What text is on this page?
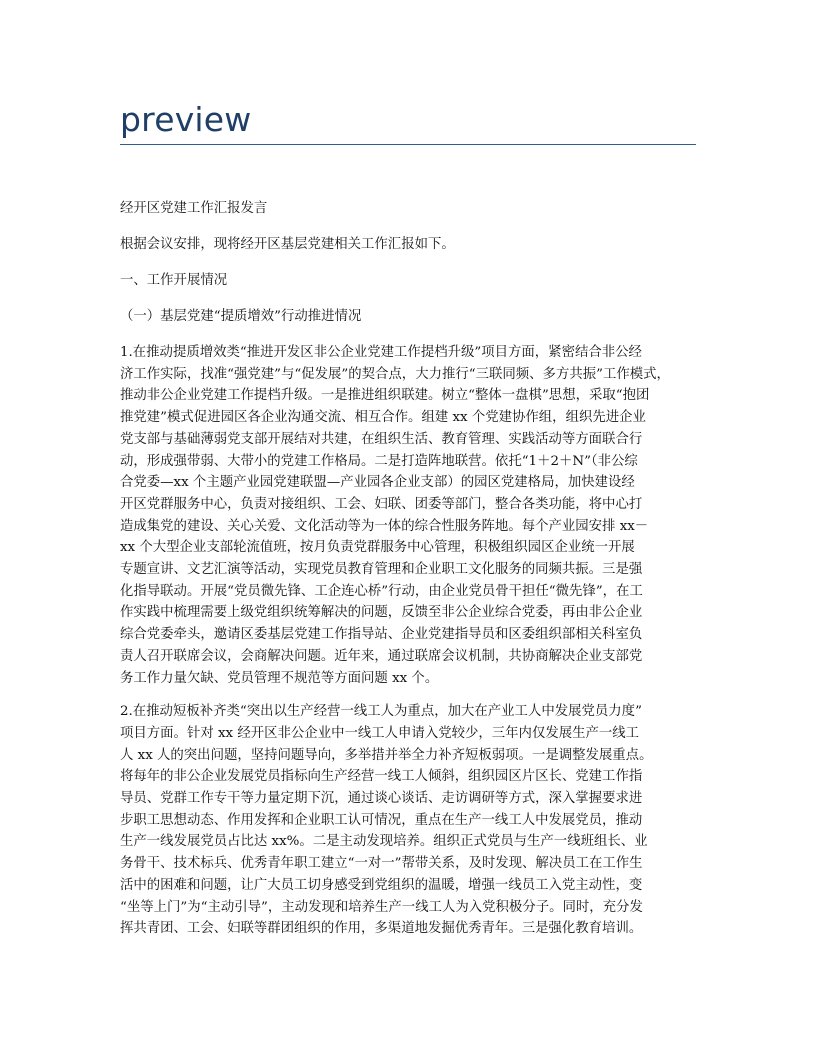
preview

经开区党建工作汇报发言

根据会议安排，现将经开区基层党建相关工作汇报如下。

一、工作开展情况

（一）基层党建“提质增效”行动推进情况

1.在推动提质增效类“推进开发区非公企业党建工作提档升级”项目方面，紧密结合非公经

济工作实际，找准“强党建”与“促发展”的契合点，大力推行“三联同频、多方共振”工作模式，

推动非公企业党建工作提档升级。一是推进组织联建。树立“整体一盘棋”思想，采取“抱团

推党建”模式促进园区各企业沟通交流、相互合作。组建 xx 个党建协作组，组织先进企业

党支部与基础薄弱党支部开展结对共建，在组织生活、教育管理、实践活动等方面联合行

动，形成强带弱、大带小的党建工作格局。二是打造阵地联营。依托“1＋2＋N”（非公综

合党委—xx 个主题产业园党建联盟—产业园各企业支部）的园区党建格局，加快建设经

开区党群服务中心，负责对接组织、工会、妇联、团委等部门，整合各类功能，将中心打

造成集党的建设、关心关爱、文化活动等为一体的综合性服务阵地。每个产业园安排 xx－

xx 个大型企业支部轮流值班，按月负责党群服务中心管理，积极组织园区企业统一开展

专题宣讲、文艺汇演等活动，实现党员教育管理和企业职工文化服务的同频共振。三是强

化指导联动。开展“党员微先锋、工企连心桥”行动，由企业党员骨干担任“微先锋”，在工

作实践中梳理需要上级党组织统筹解决的问题，反馈至非公企业综合党委，再由非公企业

综合党委牵头，邀请区委基层党建工作指导站、企业党建指导员和区委组织部相关科室负

责人召开联席会议，会商解决问题。近年来，通过联席会议机制，共协商解决企业支部党

务工作力量欠缺、党员管理不规范等方面问题 xx 个。

2.在推动短板补齐类“突出以生产经营一线工人为重点，加大在产业工人中发展党员力度”

项目方面。针对 xx 经开区非公企业中一线工人申请入党较少，三年内仅发展生产一线工

人 xx 人的突出问题，坚持问题导向，多举措并举全力补齐短板弱项。一是调整发展重点。

将每年的非公企业发展党员指标向生产经营一线工人倾斜，组织园区片区长、党建工作指

导员、党群工作专干等力量定期下沉，通过谈心谈话、走访调研等方式，深入掌握要求进

步职工思想动态、作用发挥和企业职工认可情况，重点在生产一线工人中发展党员，推动

生产一线发展党员占比达 xx%。二是主动发现培养。组织正式党员与生产一线班组长、业

务骨干、技术标兵、优秀青年职工建立“一对一”帮带关系，及时发现、解决员工在工作生

活中的困难和问题，让广大员工切身感受到党组织的温暖，增强一线员工入党主动性，变

“坐等上门”为“主动引导”，主动发现和培养生产一线工人为入党积极分子。同时，充分发

挥共青团、工会、妇联等群团组织的作用，多渠道地发掘优秀青年。三是强化教育培训。
